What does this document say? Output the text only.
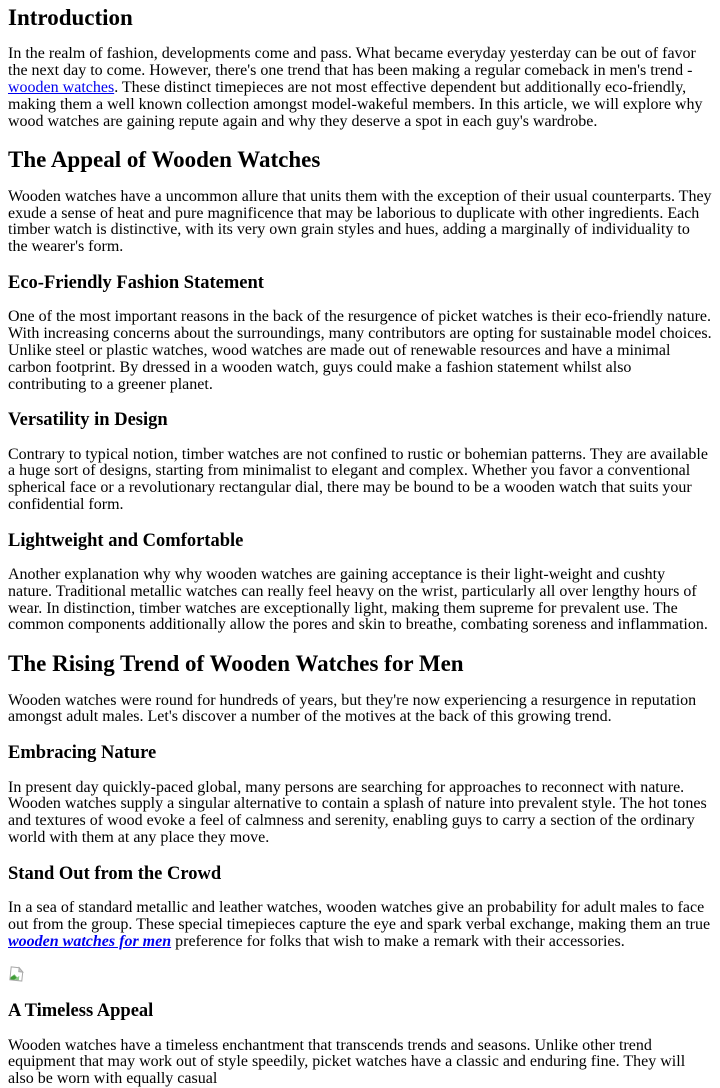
Introduction

In the realm of fashion, developments come and pass. What became everyday yesterday can be out of favor the next day to come. However, there's one trend that has been making a regular comeback in men's trend - wooden watches. These distinct timepieces are not most effective dependent but additionally eco-friendly, making them a well known collection amongst model-wakeful members. In this article, we will explore why wood watches are gaining repute again and why they deserve a spot in each guy's wardrobe.

The Appeal of Wooden Watches

Wooden watches have a uncommon allure that units them with the exception of their usual counterparts. They exude a sense of heat and pure magnificence that may be laborious to duplicate with other ingredients. Each timber watch is distinctive, with its very own grain styles and hues, adding a marginally of individuality to the wearer's form.

Eco-Friendly Fashion Statement

One of the most important reasons in the back of the resurgence of picket watches is their eco-friendly nature. With increasing concerns about the surroundings, many contributors are opting for sustainable model choices. Unlike steel or plastic watches, wood watches are made out of renewable resources and have a minimal carbon footprint. By dressed in a wooden watch, guys could make a fashion statement whilst also contributing to a greener planet.

Versatility in Design

Contrary to typical notion, timber watches are not confined to rustic or bohemian patterns. They are available a huge sort of designs, starting from minimalist to elegant and complex. Whether you favor a conventional spherical face or a revolutionary rectangular dial, there may be bound to be a wooden watch that suits your confidential form.

Lightweight and Comfortable

Another explanation why why wooden watches are gaining acceptance is their light-weight and cushty nature. Traditional metallic watches can really feel heavy on the wrist, particularly all over lengthy hours of wear. In distinction, timber watches are exceptionally light, making them supreme for prevalent use. The common components additionally allow the pores and skin to breathe, combating soreness and inflammation.

The Rising Trend of Wooden Watches for Men

Wooden watches were round for hundreds of years, but they're now experiencing a resurgence in reputation amongst adult males. Let's discover a number of the motives at the back of this growing trend.

Embracing Nature

In present day quickly-paced global, many persons are searching for approaches to reconnect with nature. Wooden watches supply a singular alternative to contain a splash of nature into prevalent style. The hot tones and textures of wood evoke a feel of calmness and serenity, enabling guys to carry a section of the ordinary world with them at any place they move.

Stand Out from the Crowd

In a sea of standard metallic and leather watches, wooden watches give an probability for adult males to face out from the group. These special timepieces capture the eye and spark verbal exchange, making them an true wooden watches for men preference for folks that wish to make a remark with their accessories.

A Timeless Appeal

Wooden watches have a timeless enchantment that transcends trends and seasons. Unlike other trend equipment that may work out of style speedily, picket watches have a classic and enduring fine. They will also be worn with equally casual
